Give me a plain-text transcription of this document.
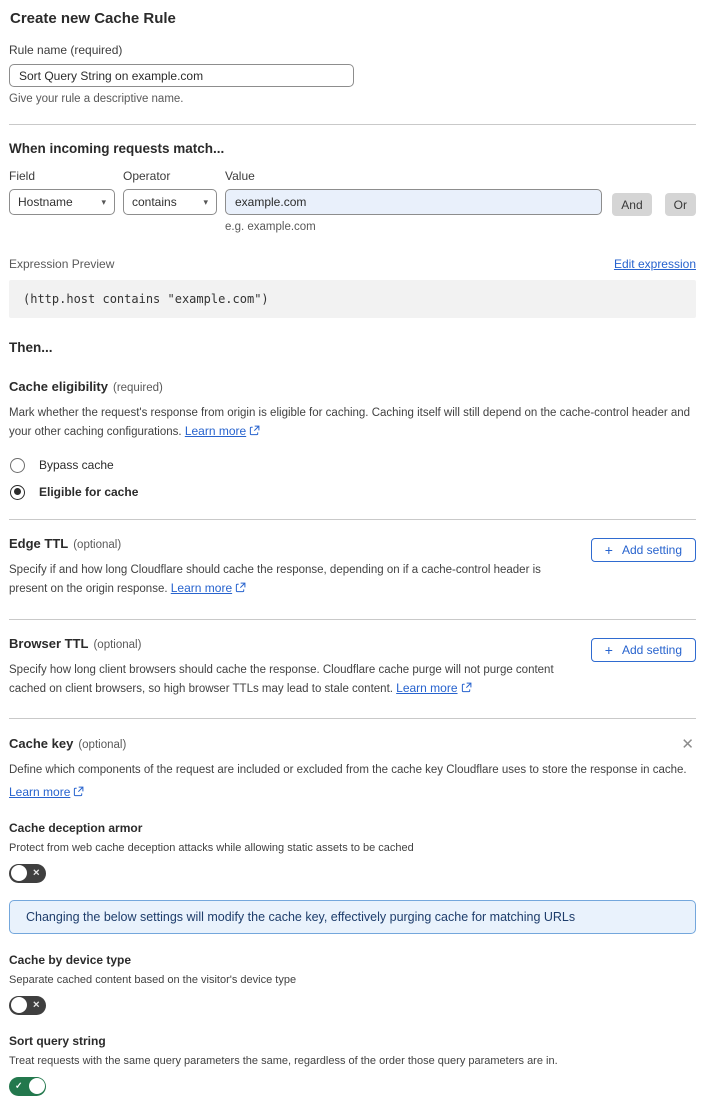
Create new Cache Rule
Rule name (required)
Sort Query String on example.com
Give your rule a descriptive name.
When incoming requests match...
Field
Hostname	▾
Operator
contains	▾
Value
example.com
e.g. example.com
And	Or
Expression Preview	Edit expression
(http.host contains "example.com")
Then...
Cache eligibility (required)
Mark whether the request's response from origin is eligible for caching. Caching itself will still depend on the cache-control header and your other caching configurations. Learn more
Bypass cache
Eligible for cache
Edge TTL (optional)
Specify if and how long Cloudflare should cache the response, depending on if a cache-control header is present on the origin response. Learn more
+ Add setting
Browser TTL (optional)
Specify how long client browsers should cache the response. Cloudflare cache purge will not purge content cached on client browsers, so high browser TTLs may lead to stale content. Learn more
+ Add setting
Cache key (optional)	✕
Define which components of the request are included or excluded from the cache key Cloudflare uses to store the response in cache.
Learn more
Cache deception armor
Protect from web cache deception attacks while allowing static assets to be cached
✕
Changing the below settings will modify the cache key, effectively purging cache for matching URLs
Cache by device type
Separate cached content based on the visitor's device type
✕
Sort query string
Treat requests with the same query parameters the same, regardless of the order those query parameters are in.
✓
